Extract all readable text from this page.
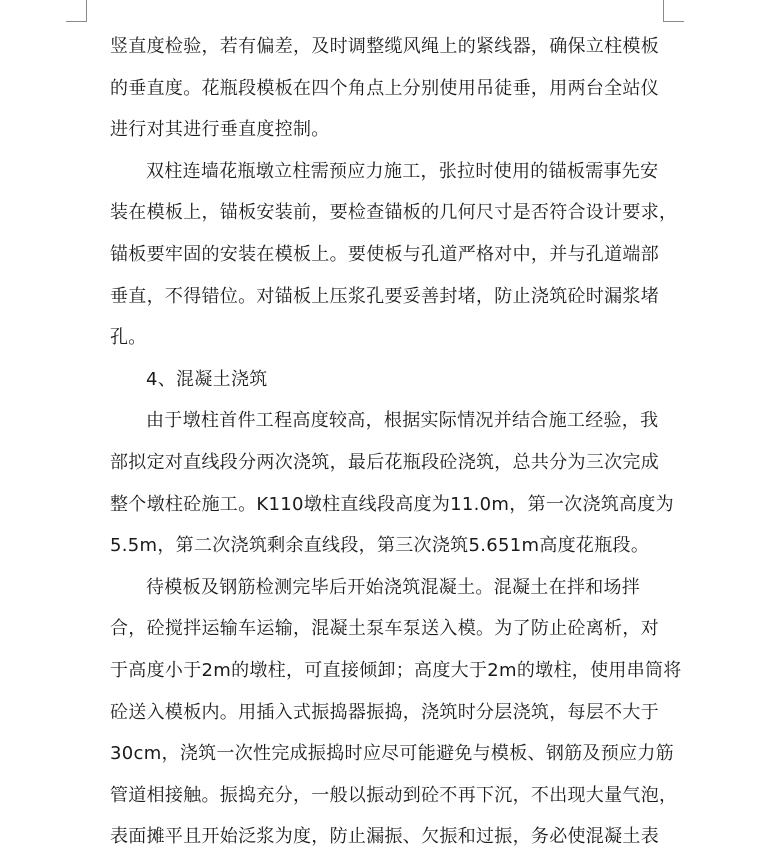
竖直度检验，若有偏差，及时调整缆风绳上的紧线器，确保立柱模板
的垂直度。花瓶段模板在四个角点上分别使用吊徒垂，用两台全站仪
进行对其进行垂直度控制。
双柱连墙花瓶墩立柱需预应力施工，张拉时使用的锚板需事先安
装在模板上，锚板安装前，要检查锚板的几何尺寸是否符合设计要求，
锚板要牢固的安装在模板上。要使板与孔道严格对中，并与孔道端部
垂直，不得错位。对锚板上压浆孔要妥善封堵，防止浇筑砼时漏浆堵
孔。
4、混凝土浇筑
由于墩柱首件工程高度较高，根据实际情况并结合施工经验，我
部拟定对直线段分两次浇筑，最后花瓶段砼浇筑，总共分为三次完成
整个墩柱砼施工。K110墩柱直线段高度为11.0m，第一次浇筑高度为
5.5m，第二次浇筑剩余直线段，第三次浇筑5.651m高度花瓶段。
待模板及钢筋检测完毕后开始浇筑混凝土。混凝土在拌和场拌
合，砼搅拌运输车运输，混凝土泵车泵送入模。为了防止砼离析，对
于高度小于2m的墩柱，可直接倾卸；高度大于2m的墩柱，使用串筒将
砼送入模板内。用插入式振捣器振捣，浇筑时分层浇筑，每层不大于
30cm，浇筑一次性完成振捣时应尽可能避免与模板、钢筋及预应力筋
管道相接触。振捣充分，一般以振动到砼不再下沉，不出现大量气泡，
表面摊平且开始泛浆为度，防止漏振、欠振和过振，务必使混凝土表
